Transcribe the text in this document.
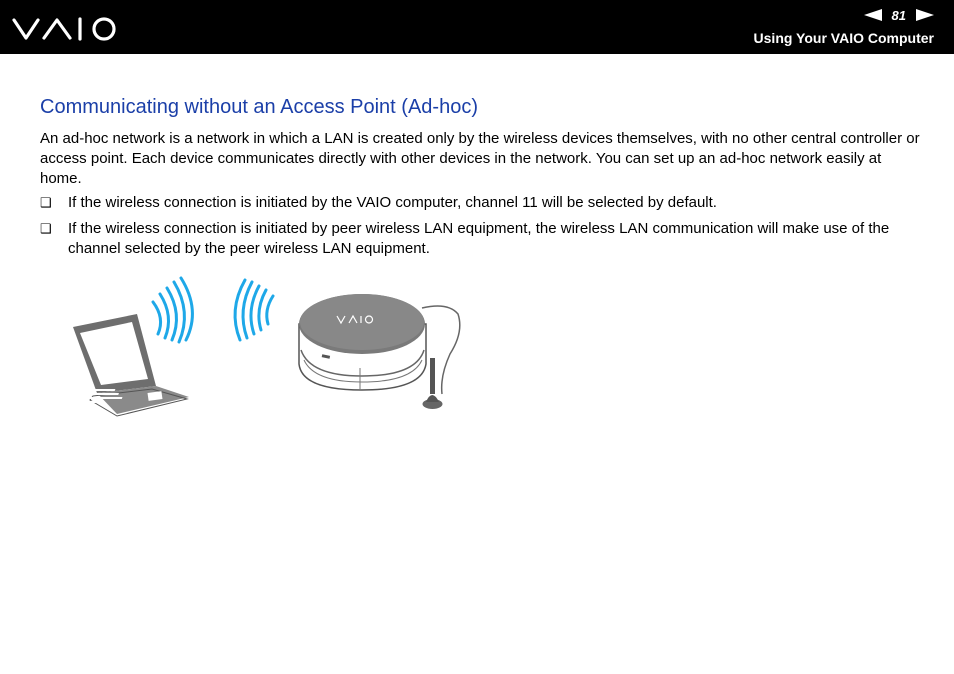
81
Using Your VAIO Computer
Communicating without an Access Point (Ad-hoc)

An ad-hoc network is a network in which a LAN is created only by the wireless devices themselves, with no other central controller or access point. Each device communicates directly with other devices in the network. You can set up an ad-hoc network easily at home.

❑	If the wireless connection is initiated by the VAIO computer, channel 11 will be selected by default.
❑	If the wireless connection is initiated by peer wireless LAN equipment, the wireless LAN communication will make use of the channel selected by the peer wireless LAN equipment.
